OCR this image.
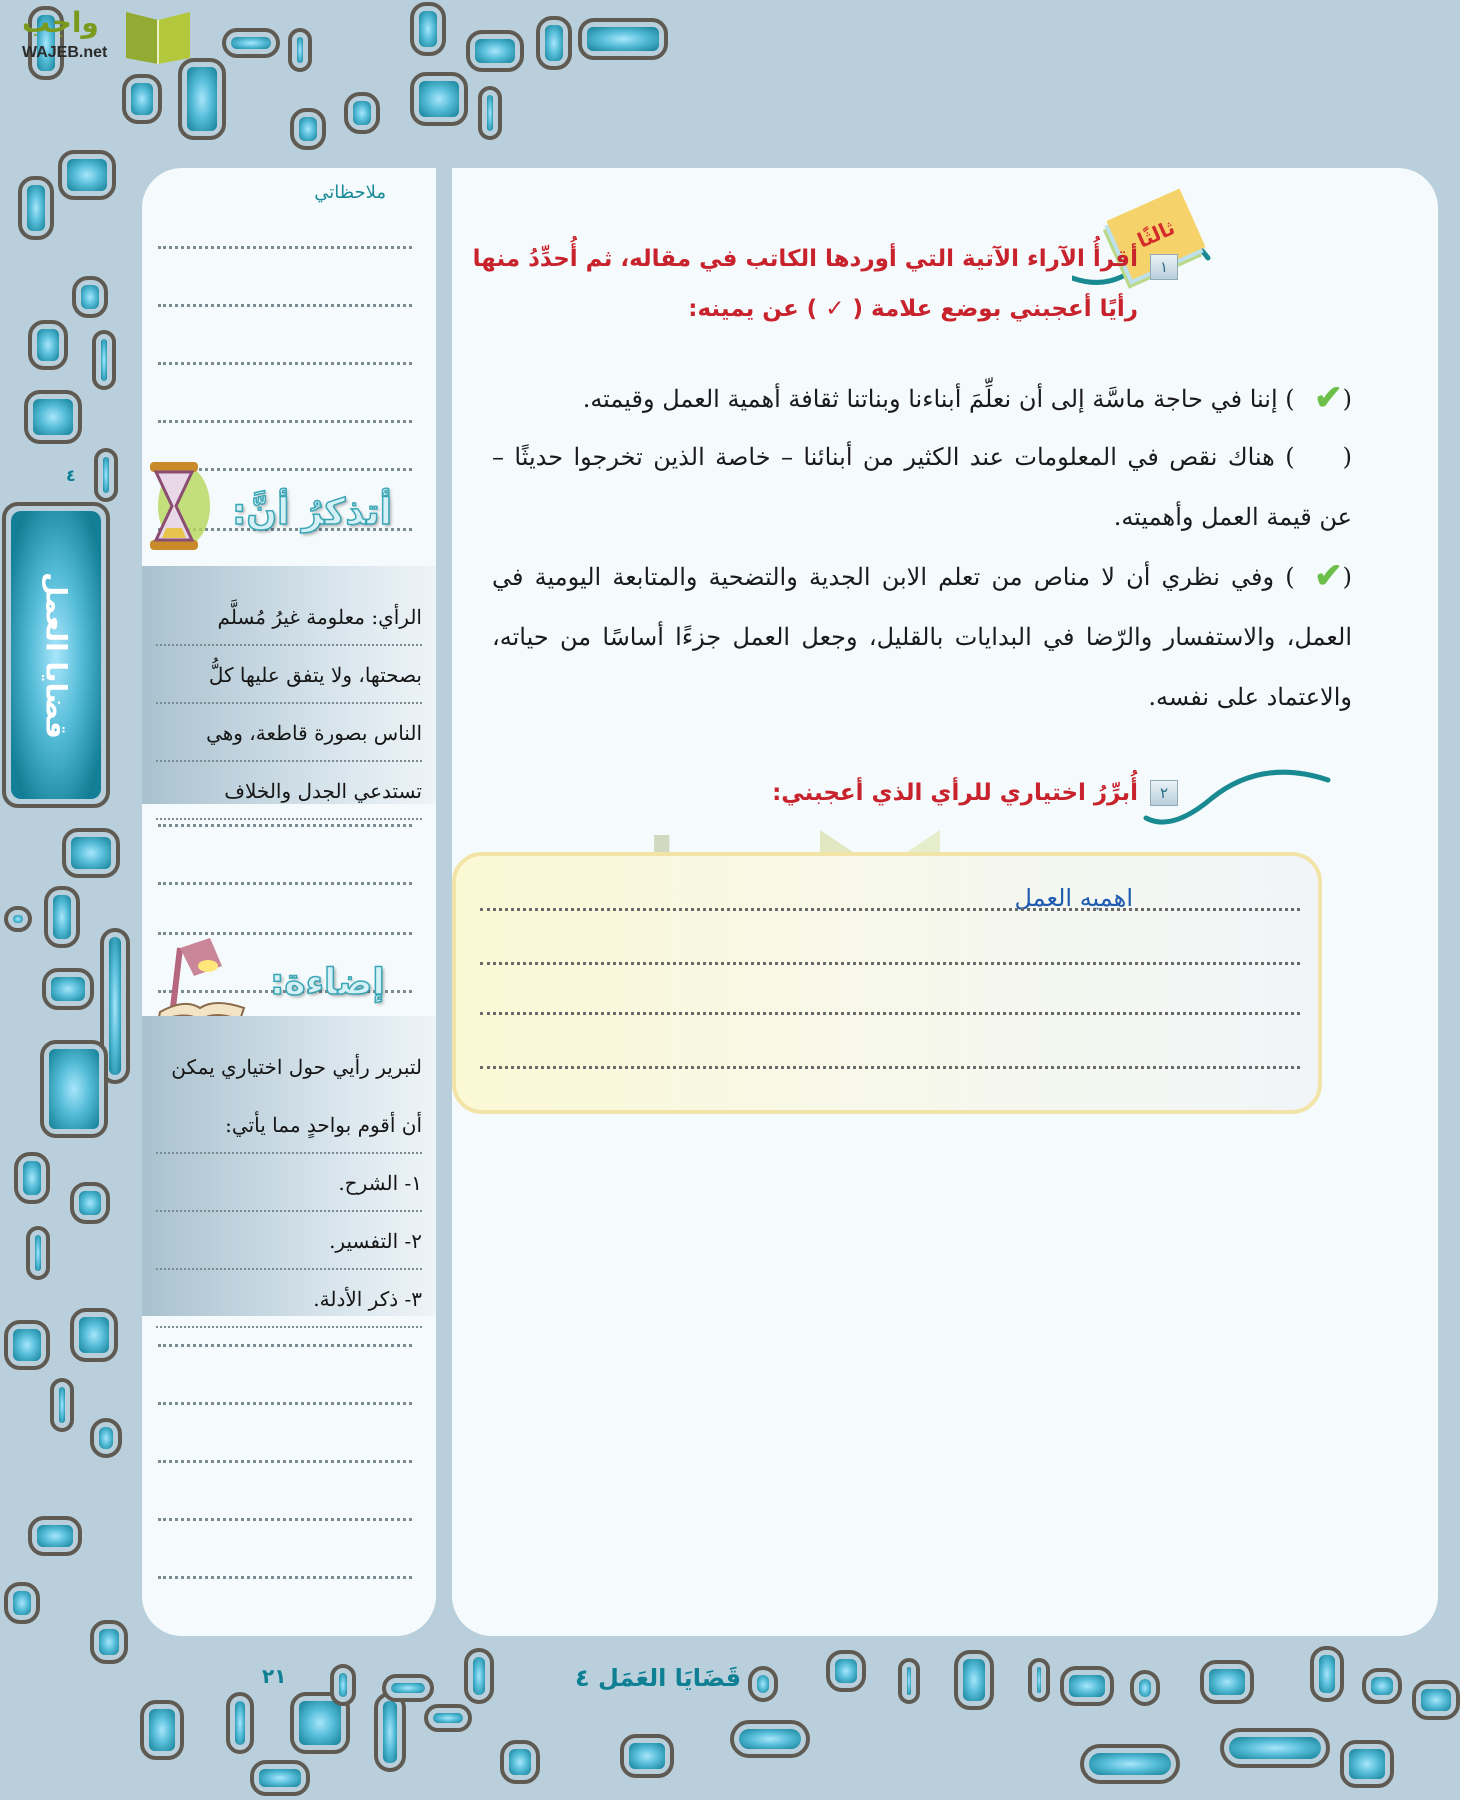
واجب
WAJEB.net
٤
قضايا العمل
ملاحظاتي
أتذكرُ أنَّ:
الرأي: معلومة غيرُ مُسلَّم
بصحتها، ولا يتفق عليها كلُّ
الناس بصورة قاطعة، وهي
تستدعي الجدل والخلاف
إضاءة:
لتبرير رأيي حول اختياري يمكن
أن أقوم بواحدٍ مما يأتي:
١- الشرح.
٢- التفسير.
٣- ذكر الأدلة.
ثالثًا
١
أقرأُ الآراء الآتية التي أوردها الكاتب في مقاله، ثم أُحدِّدُ منها
رأيًا أعجبني بوضع علامة ( ✓ ) عن يمينه:
(✔) إننا في حاجة ماسَّة إلى أن نعلِّمَ أبناءنا وبناتنا ثقافة أهمية العمل وقيمته.
() هناك نقص في المعلومات عند الكثير من أبنائنا – خاصة الذين تخرجوا حديثًا – عن قيمة العمل وأهميته.
(✔) وفي نظري أن لا مناص من تعلم الابن الجدية والتضحية والمتابعة اليومية في العمل، والاستفسار والرّضا في البدايات بالقليل، وجعل العمل جزءًا أساسًا من حياته، والاعتماد على نفسه.
٢
أُبرِّرُ اختياري للرأي الذي أعجبني:
اهميه العمل
قَضَايَا العَمَل ٤
٢١
